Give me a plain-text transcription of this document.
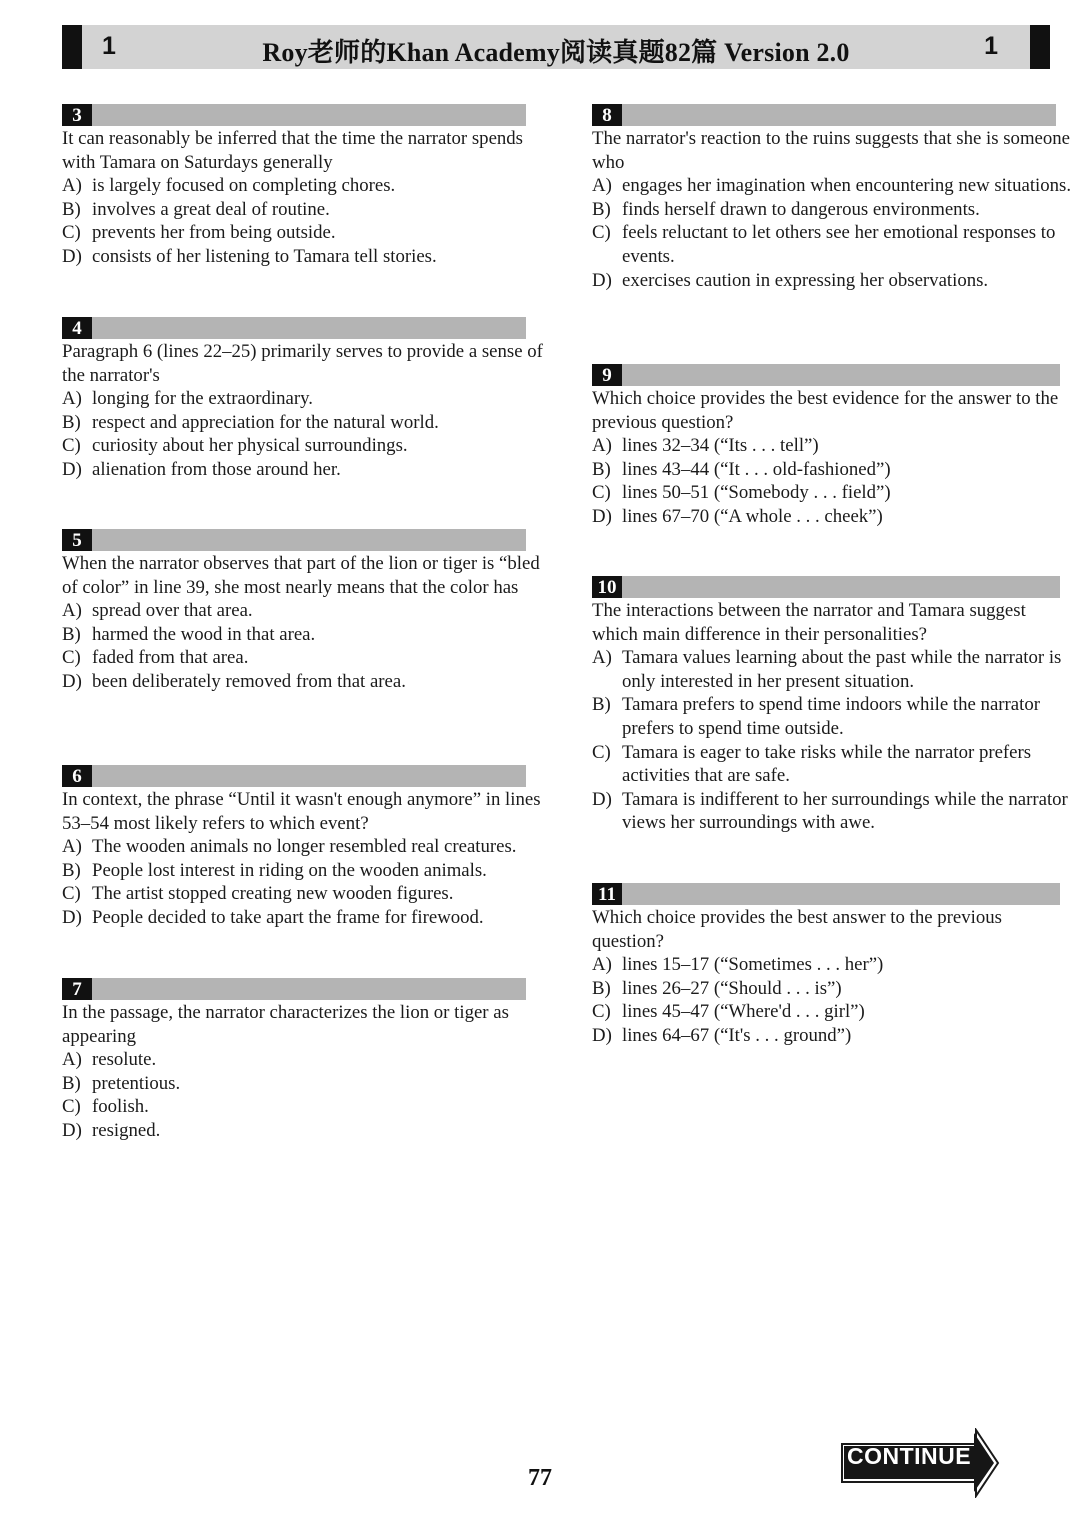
1	Roy老师的Khan Academy阅读真题82篇 Version 2.0	1
3
It can reasonably be inferred that the time the narrator spends with Tamara on Saturdays generally
A) is largely focused on completing chores.
B) involves a great deal of routine.
C) prevents her from being outside.
D) consists of her listening to Tamara tell stories.
4
Paragraph 6 (lines 22–25) primarily serves to provide a sense of the narrator's
A) longing for the extraordinary.
B) respect and appreciation for the natural world.
C) curiosity about her physical surroundings.
D) alienation from those around her.
5
When the narrator observes that part of the lion or tiger is “bled of color” in line 39, she most nearly means that the color has
A) spread over that area.
B) harmed the wood in that area.
C) faded from that area.
D) been deliberately removed from that area.
6
In context, the phrase “Until it wasn't enough anymore” in lines 53–54 most likely refers to which event?
A) The wooden animals no longer resembled real creatures.
B) People lost interest in riding on the wooden animals.
C) The artist stopped creating new wooden figures.
D) People decided to take apart the frame for firewood.
7
In the passage, the narrator characterizes the lion or tiger as appearing
A) resolute.
B) pretentious.
C) foolish.
D) resigned.
8
The narrator's reaction to the ruins suggests that she is someone who
A) engages her imagination when encountering new situations.
B) finds herself drawn to dangerous environments.
C) feels reluctant to let others see her emotional responses to events.
D) exercises caution in expressing her observations.
9
Which choice provides the best evidence for the answer to the previous question?
A) lines 32–34 (“Its . . . tell”)
B) lines 43–44 (“It . . . old-fashioned”)
C) lines 50–51 (“Somebody . . . field”)
D) lines 67–70 (“A whole . . . cheek”)
10
The interactions between the narrator and Tamara suggest which main difference in their personalities?
A) Tamara values learning about the past while the narrator is only interested in her present situation.
B) Tamara prefers to spend time indoors while the narrator prefers to spend time outside.
C) Tamara is eager to take risks while the narrator prefers activities that are safe.
D) Tamara is indifferent to her surroundings while the narrator views her surroundings with awe.
11
Which choice provides the best answer to the previous question?
A) lines 15–17 (“Sometimes . . . her”)
B) lines 26–27 (“Should . . . is”)
C) lines 45–47 (“Where'd . . . girl”)
D) lines 64–67 (“It's . . . ground”)
77
CONTINUE
